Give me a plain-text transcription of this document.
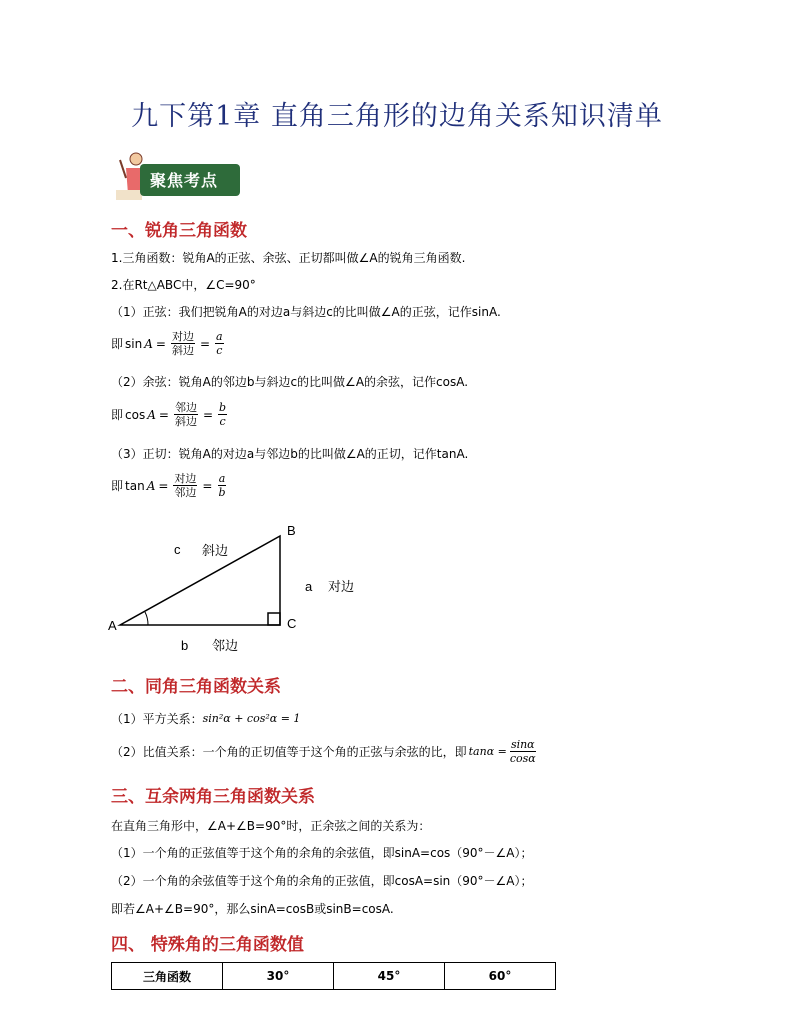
九下第1章 直角三角形的边角关系知识清单
聚焦考点
一、锐角三角函数
1.三角函数：锐角A的正弦、余弦、正切都叫做∠A的锐角三角函数.
2.在Rt△ABC中，∠C=90°
（1）正弦：我们把锐角A的对边a与斜边c的比叫做∠A的正弦，记作sinA.
即 $\sin A = \frac{\text{对边}}{\text{斜边}} = \frac{a}{c}$
（2）余弦：锐角A的邻边b与斜边c的比叫做∠A的余弦，记作cosA.
即 $\cos A = \frac{\text{邻边}}{\text{斜边}} = \frac{b}{c}$
（3）正切：锐角A的对边a与邻边b的比叫做∠A的正切，记作tanA.
即 $\tan A = \frac{\text{对边}}{\text{邻边}} = \frac{a}{b}$
A
B
C
c 斜边
a 对边
b 邻边
二、同角三角函数关系
（1）平方关系： sin²α + cos²α = 1
（2）比值关系：一个角的正切值等于这个角的正弦与余弦的比，即 $\tan\alpha = \frac{\sin\alpha}{\cos\alpha}$
三、互余两角三角函数关系
在直角三角形中，∠A+∠B=90°时，正余弦之间的关系为：
（1）一个角的正弦值等于这个角的余角的余弦值，即sinA=cos（90°－∠A）；
（2）一个角的余弦值等于这个角的余角的正弦值，即cosA=sin（90°－∠A）；
即若∠A+∠B=90°，那么sinA=cosB或sinB=cosA.
四、 特殊角的三角函数值
三角函数	30°	45°	60°
